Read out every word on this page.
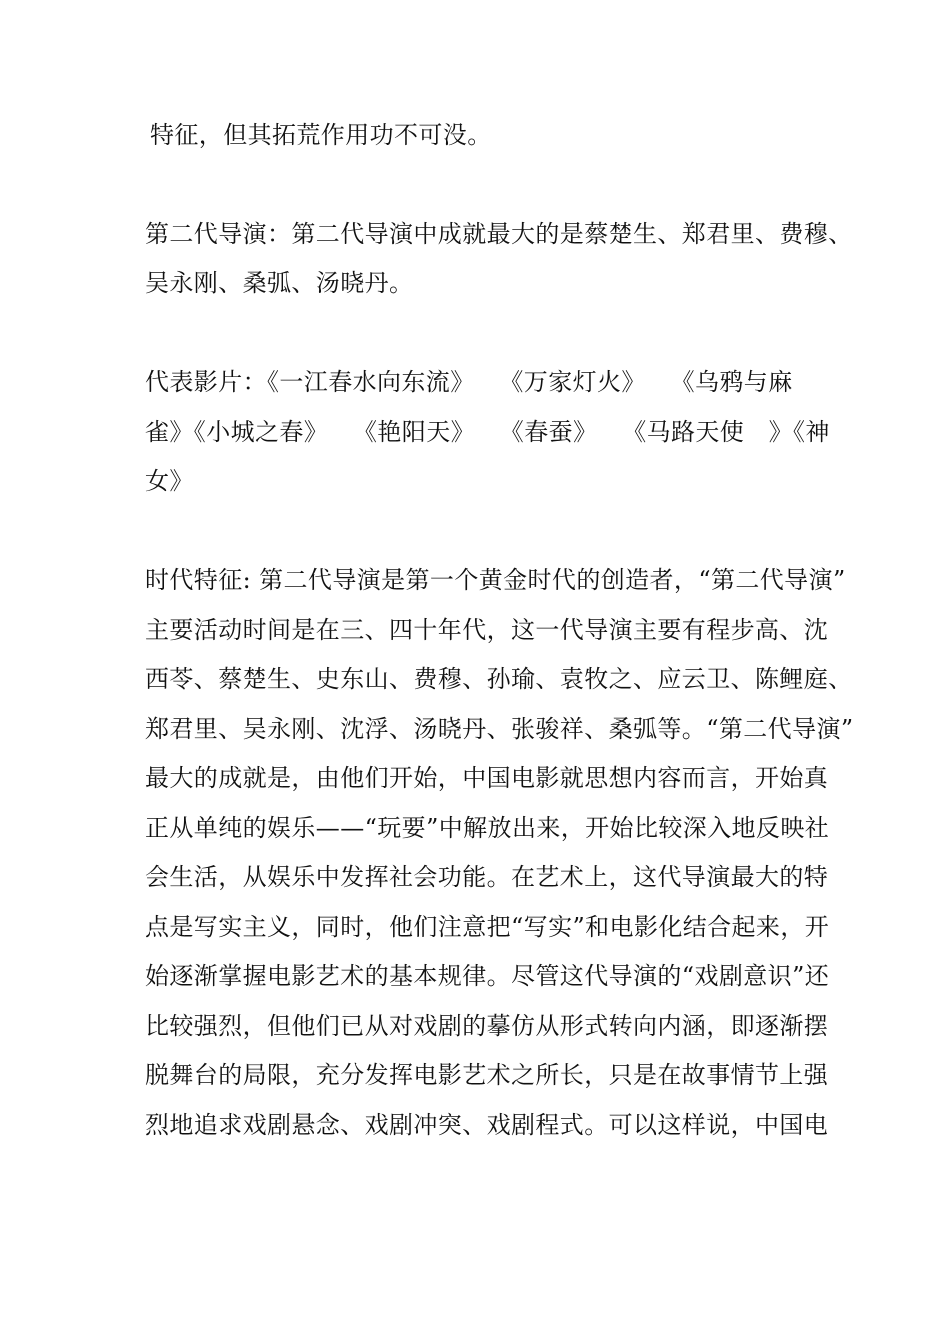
特征，但其拓荒作用功不可没。

第二代导演：第二代导演中成就最大的是蔡楚生、郑君里、费穆、

吴永刚、桑弧、汤晓丹。

代表影片：《一江春水向东流》　　《万家灯火》　　《乌鸦与麻

雀》《小城之春》　　《艳阳天》　　《春蚕》　　《马路天使　》《神

女》

时代特征: 第二代导演是第一个黄金时代的创造者，“第二代导演”

主要活动时间是在三、四十年代，这一代导演主要有程步高、沈

西苓、蔡楚生、史东山、费穆、孙瑜、袁牧之、应云卫、陈鲤庭、

郑君里、吴永刚、沈浮、汤晓丹、张骏祥、桑弧等。“第二代导演”

最大的成就是，由他们开始，中国电影就思想内容而言，开始真

正从单纯的娱乐——“玩要”中解放出来，开始比较深入地反映社

会生活，从娱乐中发挥社会功能。在艺术上，这代导演最大的特

点是写实主义，同时，他们注意把“写实”和电影化结合起来，开

始逐渐掌握电影艺术的基本规律。尽管这代导演的“戏剧意识”还

比较强烈，但他们已从对戏剧的摹仿从形式转向内涵，即逐渐摆

脱舞台的局限，充分发挥电影艺术之所长，只是在故事情节上强

烈地追求戏剧悬念、戏剧冲突、戏剧程式。可以这样说，中国电
